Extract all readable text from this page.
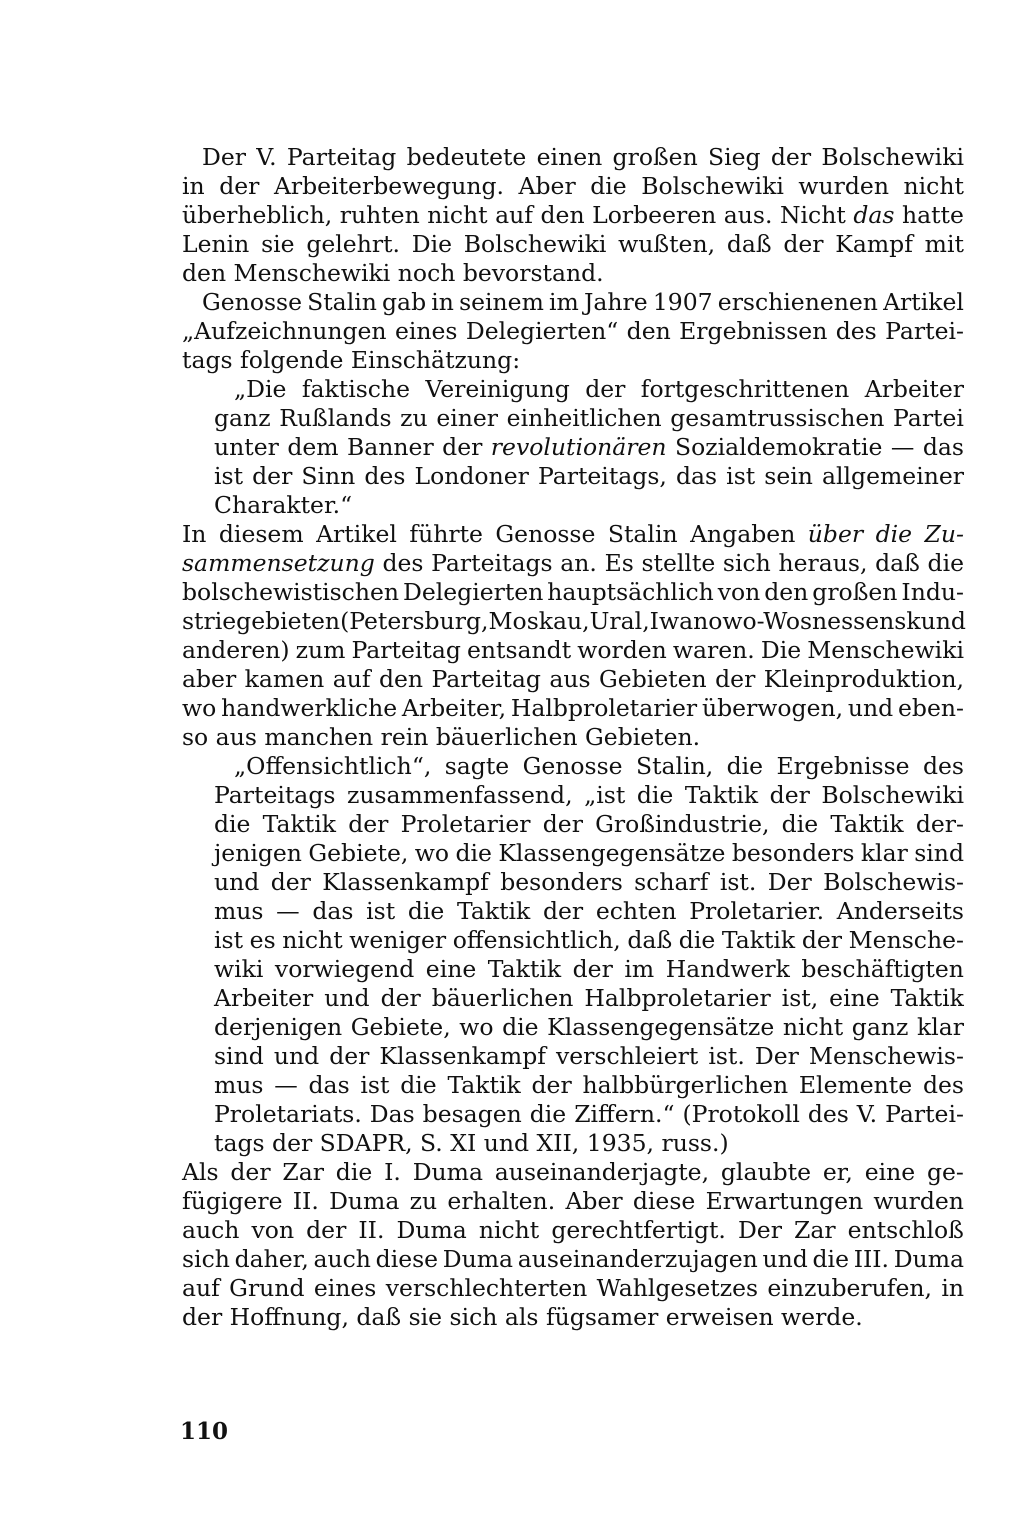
Der V. Parteitag bedeutete einen großen Sieg der Bolschewiki
in der Arbeiterbewegung. Aber die Bolschewiki wurden nicht
überheblich, ruhten nicht auf den Lorbeeren aus. Nicht das hatte
Lenin sie gelehrt. Die Bolschewiki wußten, daß der Kampf mit
den Menschewiki noch bevorstand.
Genosse Stalin gab in seinem im Jahre 1907 erschienenen Artikel
„Aufzeichnungen eines Delegierten“ den Ergebnissen des Partei-
tags folgende Einschätzung:
„Die faktische Vereinigung der fortgeschrittenen Arbeiter
ganz Rußlands zu einer einheitlichen gesamtrussischen Partei
unter dem Banner der revolutionären Sozialdemokratie — das
ist der Sinn des Londoner Parteitags, das ist sein allgemeiner
Charakter.“
In diesem Artikel führte Genosse Stalin Angaben über die Zu-
sammensetzung des Parteitags an. Es stellte sich heraus, daß die
bolschewistischen Delegierten hauptsächlich von den großen Indu-
striegebieten (Petersburg, Moskau, Ural, Iwanowo-Wosnessensk und
anderen) zum Parteitag entsandt worden waren. Die Menschewiki
aber kamen auf den Parteitag aus Gebieten der Kleinproduktion,
wo handwerkliche Arbeiter, Halbproletarier überwogen, und eben-
so aus manchen rein bäuerlichen Gebieten.
„Offensichtlich“, sagte Genosse Stalin, die Ergebnisse des
Parteitags zusammenfassend, „ist die Taktik der Bolschewiki
die Taktik der Proletarier der Großindustrie, die Taktik der-
jenigen Gebiete, wo die Klassengegensätze besonders klar sind
und der Klassenkampf besonders scharf ist. Der Bolschewis-
mus — das ist die Taktik der echten Proletarier. Anderseits
ist es nicht weniger offensichtlich, daß die Taktik der Mensche-
wiki vorwiegend eine Taktik der im Handwerk beschäftigten
Arbeiter und der bäuerlichen Halbproletarier ist, eine Taktik
derjenigen Gebiete, wo die Klassengegensätze nicht ganz klar
sind und der Klassenkampf verschleiert ist. Der Menschewis-
mus — das ist die Taktik der halbbürgerlichen Elemente des
Proletariats. Das besagen die Ziffern.“ (Protokoll des V. Partei-
tags der SDAPR, S. XI und XII, 1935, russ.)
Als der Zar die I. Duma auseinanderjagte, glaubte er, eine ge-
fügigere II. Duma zu erhalten. Aber diese Erwartungen wurden
auch von der II. Duma nicht gerechtfertigt. Der Zar entschloß
sich daher, auch diese Duma auseinanderzujagen und die III. Duma
auf Grund eines verschlechterten Wahlgesetzes einzuberufen, in
der Hoffnung, daß sie sich als fügsamer erweisen werde.
110
